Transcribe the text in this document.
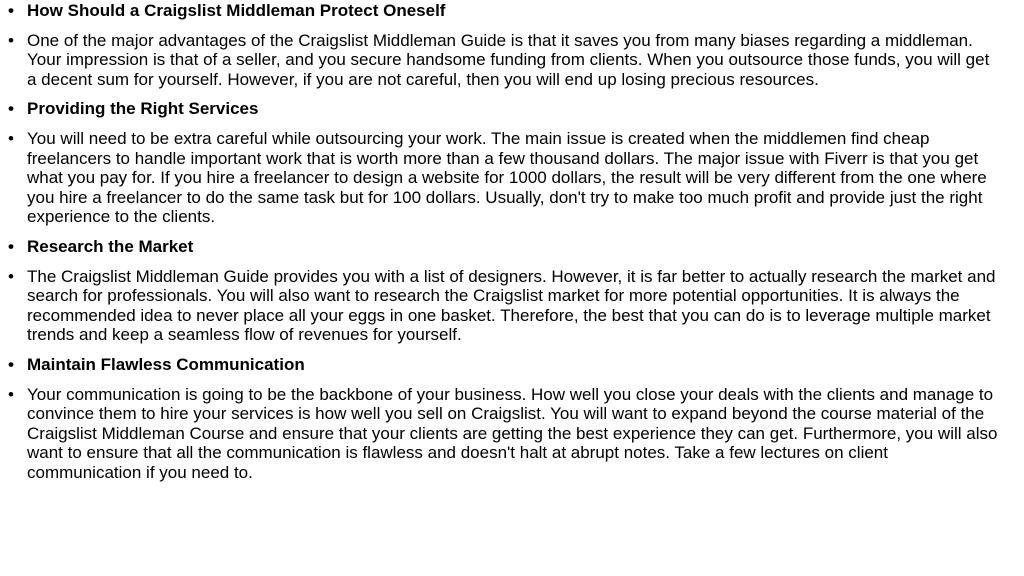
• How Should a Craigslist Middleman Protect Oneself
• One of the major advantages of the Craigslist Middleman Guide is that it saves you from many biases regarding a middleman. Your impression is that of a seller, and you secure handsome funding from clients. When you outsource those funds, you will get a decent sum for yourself. However, if you are not careful, then you will end up losing precious resources.
• Providing the Right Services
• You will need to be extra careful while outsourcing your work. The main issue is created when the middlemen find cheap freelancers to handle important work that is worth more than a few thousand dollars. The major issue with Fiverr is that you get what you pay for. If you hire a freelancer to design a website for 1000 dollars, the result will be very different from the one where you hire a freelancer to do the same task but for 100 dollars. Usually, don't try to make too much profit and provide just the right experience to the clients.
• Research the Market
• The Craigslist Middleman Guide provides you with a list of designers. However, it is far better to actually research the market and search for professionals. You will also want to research the Craigslist market for more potential opportunities. It is always the recommended idea to never place all your eggs in one basket. Therefore, the best that you can do is to leverage multiple market trends and keep a seamless flow of revenues for yourself.
• Maintain Flawless Communication
• Your communication is going to be the backbone of your business. How well you close your deals with the clients and manage to convince them to hire your services is how well you sell on Craigslist. You will want to expand beyond the course material of the Craigslist Middleman Course and ensure that your clients are getting the best experience they can get. Furthermore, you will also want to ensure that all the communication is flawless and doesn't halt at abrupt notes. Take a few lectures on client communication if you need to.
